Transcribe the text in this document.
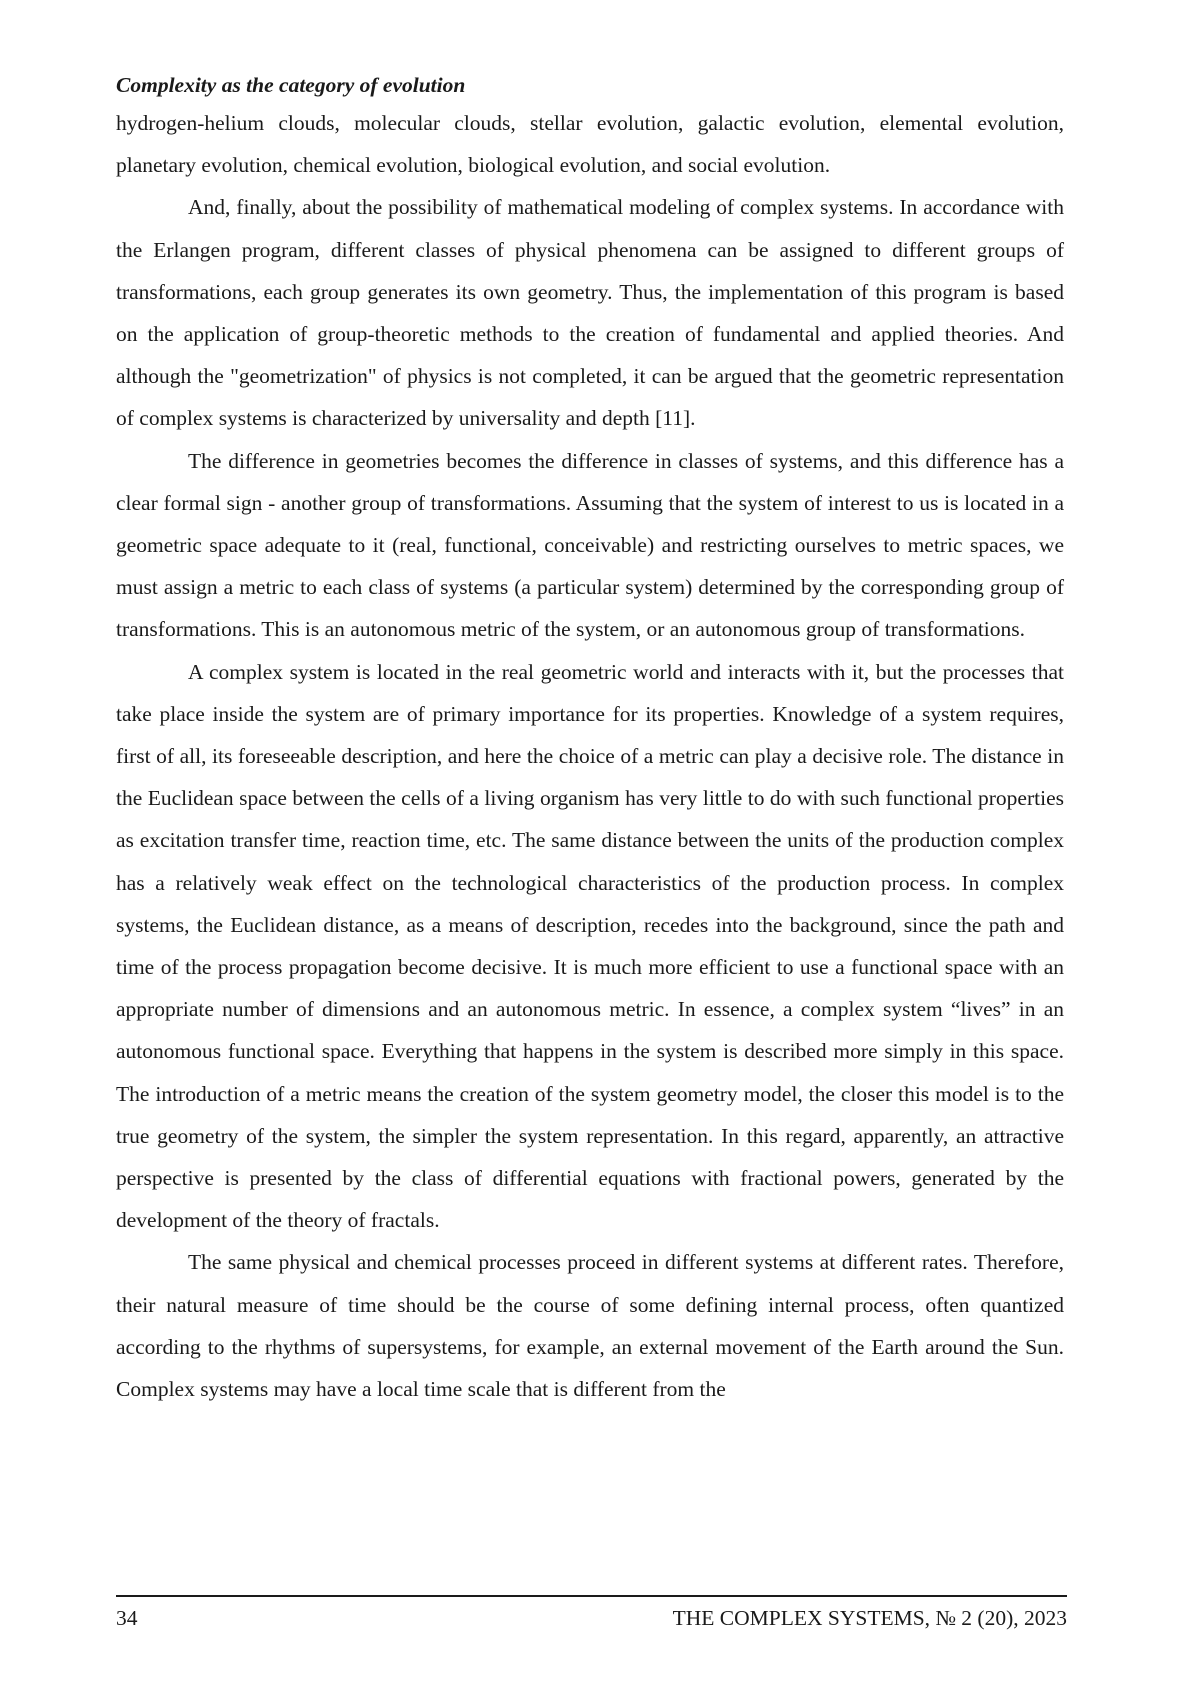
Complexity as the category of evolution

hydrogen-helium clouds, molecular clouds, stellar evolution, galactic evolution, elemental evolution, planetary evolution, chemical evolution, biological evolution, and social evolution.

And, finally, about the possibility of mathematical modeling of complex systems. In accordance with the Erlangen program, different classes of physical phenomena can be assigned to different groups of transformations, each group generates its own geometry. Thus, the implementation of this program is based on the application of group-theoretic methods to the creation of fundamental and applied theories. And although the "geometrization" of physics is not completed, it can be argued that the geometric representation of complex systems is characterized by universality and depth [11].

The difference in geometries becomes the difference in classes of systems, and this difference has a clear formal sign - another group of transformations. Assuming that the system of interest to us is located in a geometric space adequate to it (real, functional, conceivable) and restricting ourselves to metric spaces, we must assign a metric to each class of systems (a particular system) determined by the corresponding group of transformations. This is an autonomous metric of the system, or an autonomous group of transformations.

A complex system is located in the real geometric world and interacts with it, but the processes that take place inside the system are of primary importance for its properties. Knowledge of a system requires, first of all, its foreseeable description, and here the choice of a metric can play a decisive role. The distance in the Euclidean space between the cells of a living organism has very little to do with such functional properties as excitation transfer time, reaction time, etc. The same distance between the units of the production complex has a relatively weak effect on the technological characteristics of the production process. In complex systems, the Euclidean distance, as a means of description, recedes into the background, since the path and time of the process propagation become decisive. It is much more efficient to use a functional space with an appropriate number of dimensions and an autonomous metric. In essence, a complex system “lives” in an autonomous functional space. Everything that happens in the system is described more simply in this space. The introduction of a metric means the creation of the system geometry model, the closer this model is to the true geometry of the system, the simpler the system representation. In this regard, apparently, an attractive perspective is presented by the class of differential equations with fractional powers, generated by the development of the theory of fractals.

The same physical and chemical processes proceed in different systems at different rates. Therefore, their natural measure of time should be the course of some defining internal process, often quantized according to the rhythms of supersystems, for example, an external movement of the Earth around the Sun. Complex systems may have a local time scale that is different from the

34	THE COMPLEX SYSTEMS, № 2 (20), 2023
